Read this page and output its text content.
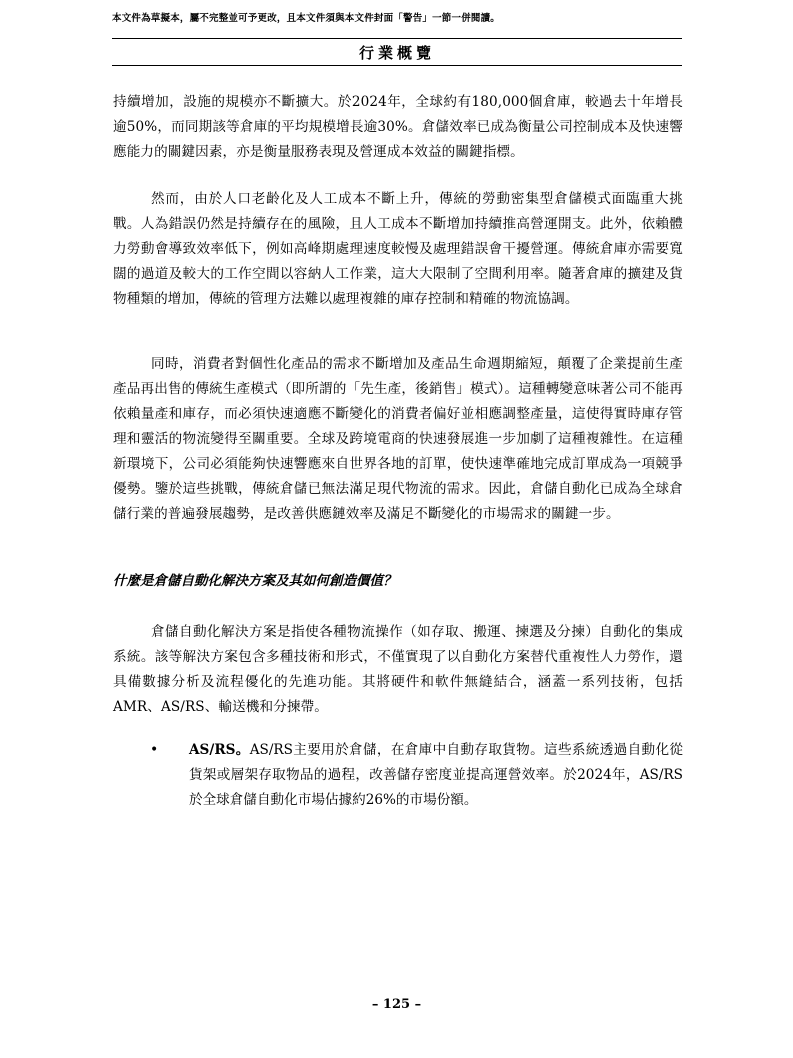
本文件為草擬本，屬不完整並可予更改，且本文件須與本文件封面「警告」一節一併閱讀。
行業概覽
持續增加，設施的規模亦不斷擴大。於2024年，全球約有180,000個倉庫，較過去十年增長逾50%，而同期該等倉庫的平均規模增長逾30%。倉儲效率已成為衡量公司控制成本及快速響應能力的關鍵因素，亦是衡量服務表現及營運成本效益的關鍵指標。
然而，由於人口老齡化及人工成本不斷上升，傳統的勞動密集型倉儲模式面臨重大挑戰。人為錯誤仍然是持續存在的風險，且人工成本不斷增加持續推高營運開支。此外，依賴體力勞動會導致效率低下，例如高峰期處理速度較慢及處理錯誤會干擾營運。傳統倉庫亦需要寬闊的過道及較大的工作空間以容納人工作業，這大大限制了空間利用率。隨著倉庫的擴建及貨物種類的增加，傳統的管理方法難以處理複雜的庫存控制和精確的物流協調。
同時，消費者對個性化產品的需求不斷增加及產品生命週期縮短，顛覆了企業提前生產產品再出售的傳統生產模式（即所謂的「先生產，後銷售」模式）。這種轉變意味著公司不能再依賴量產和庫存，而必須快速適應不斷變化的消費者偏好並相應調整產量，這使得實時庫存管理和靈活的物流變得至關重要。全球及跨境電商的快速發展進一步加劇了這種複雜性。在這種新環境下，公司必須能夠快速響應來自世界各地的訂單，使快速準確地完成訂單成為一項競爭優勢。鑒於這些挑戰，傳統倉儲已無法滿足現代物流的需求。因此，倉儲自動化已成為全球倉儲行業的普遍發展趨勢，是改善供應鏈效率及滿足不斷變化的市場需求的關鍵一步。
什麼是倉儲自動化解決方案及其如何創造價值？
倉儲自動化解決方案是指使各種物流操作（如存取、搬運、揀選及分揀）自動化的集成系統。該等解決方案包含多種技術和形式，不僅實現了以自動化方案替代重複性人力勞作，還具備數據分析及流程優化的先進功能。其將硬件和軟件無縫結合，涵蓋一系列技術，包括AMR、AS/RS、輸送機和分揀帶。
• AS/RS。AS/RS主要用於倉儲，在倉庫中自動存取貨物。這些系統透過自動化從貨架或層架存取物品的過程，改善儲存密度並提高運營效率。於2024年，AS/RS於全球倉儲自動化市場佔據約26%的市場份額。
– 125 –
